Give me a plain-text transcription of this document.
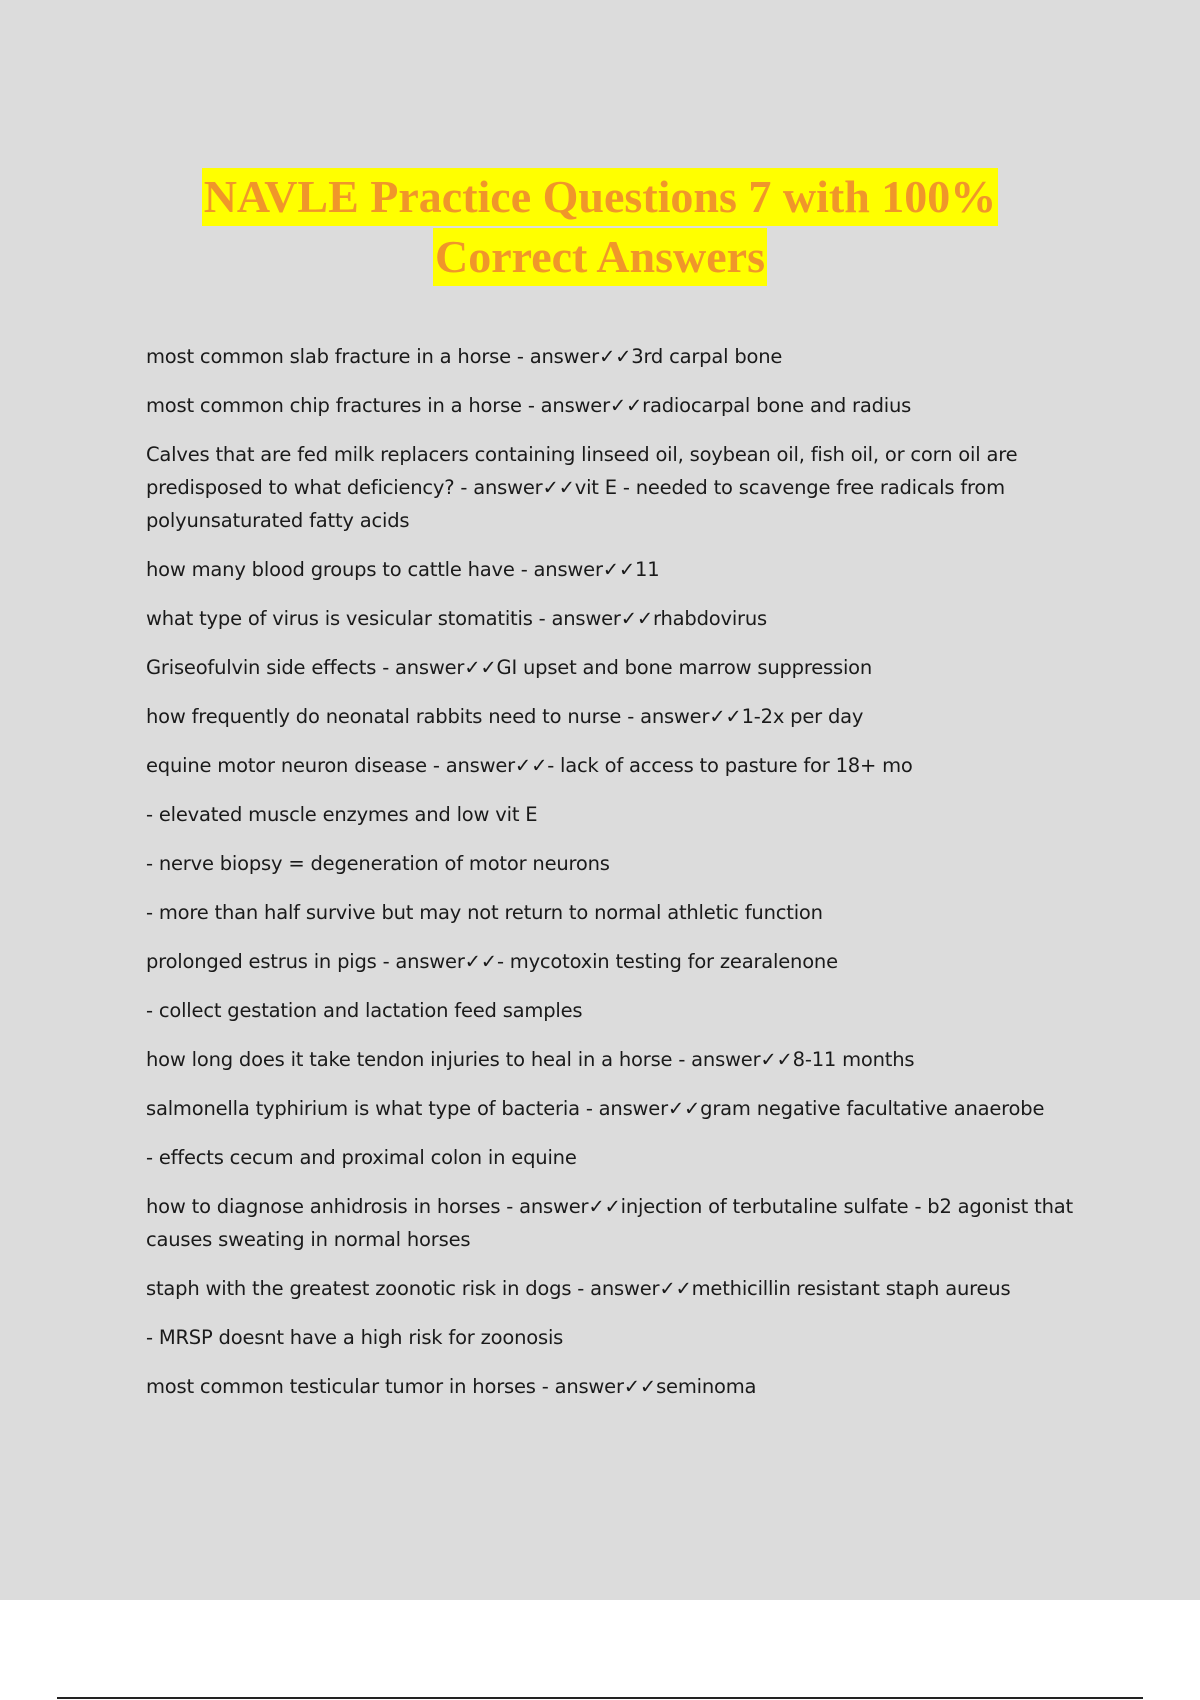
NAVLE Practice Questions 7 with 100%
Correct Answers
most common slab fracture in a horse - answer✓✓3rd carpal bone
most common chip fractures in a horse - answer✓✓radiocarpal bone and radius
Calves that are fed milk replacers containing linseed oil, soybean oil, fish oil, or corn oil are predisposed to what deficiency? - answer✓✓vit E - needed to scavenge free radicals from polyunsaturated fatty acids
how many blood groups to cattle have - answer✓✓11
what type of virus is vesicular stomatitis - answer✓✓rhabdovirus
Griseofulvin side effects - answer✓✓GI upset and bone marrow suppression
how frequently do neonatal rabbits need to nurse - answer✓✓1-2x per day
equine motor neuron disease - answer✓✓- lack of access to pasture for 18+ mo
- elevated muscle enzymes and low vit E
- nerve biopsy = degeneration of motor neurons
- more than half survive but may not return to normal athletic function
prolonged estrus in pigs - answer✓✓- mycotoxin testing for zearalenone
- collect gestation and lactation feed samples
how long does it take tendon injuries to heal in a horse - answer✓✓8-11 months
salmonella typhirium is what type of bacteria - answer✓✓gram negative facultative anaerobe
- effects cecum and proximal colon in equine
how to diagnose anhidrosis in horses - answer✓✓injection of terbutaline sulfate - b2 agonist that causes sweating in normal horses
staph with the greatest zoonotic risk in dogs - answer✓✓methicillin resistant staph aureus
- MRSP doesnt have a high risk for zoonosis
most common testicular tumor in horses - answer✓✓seminoma
